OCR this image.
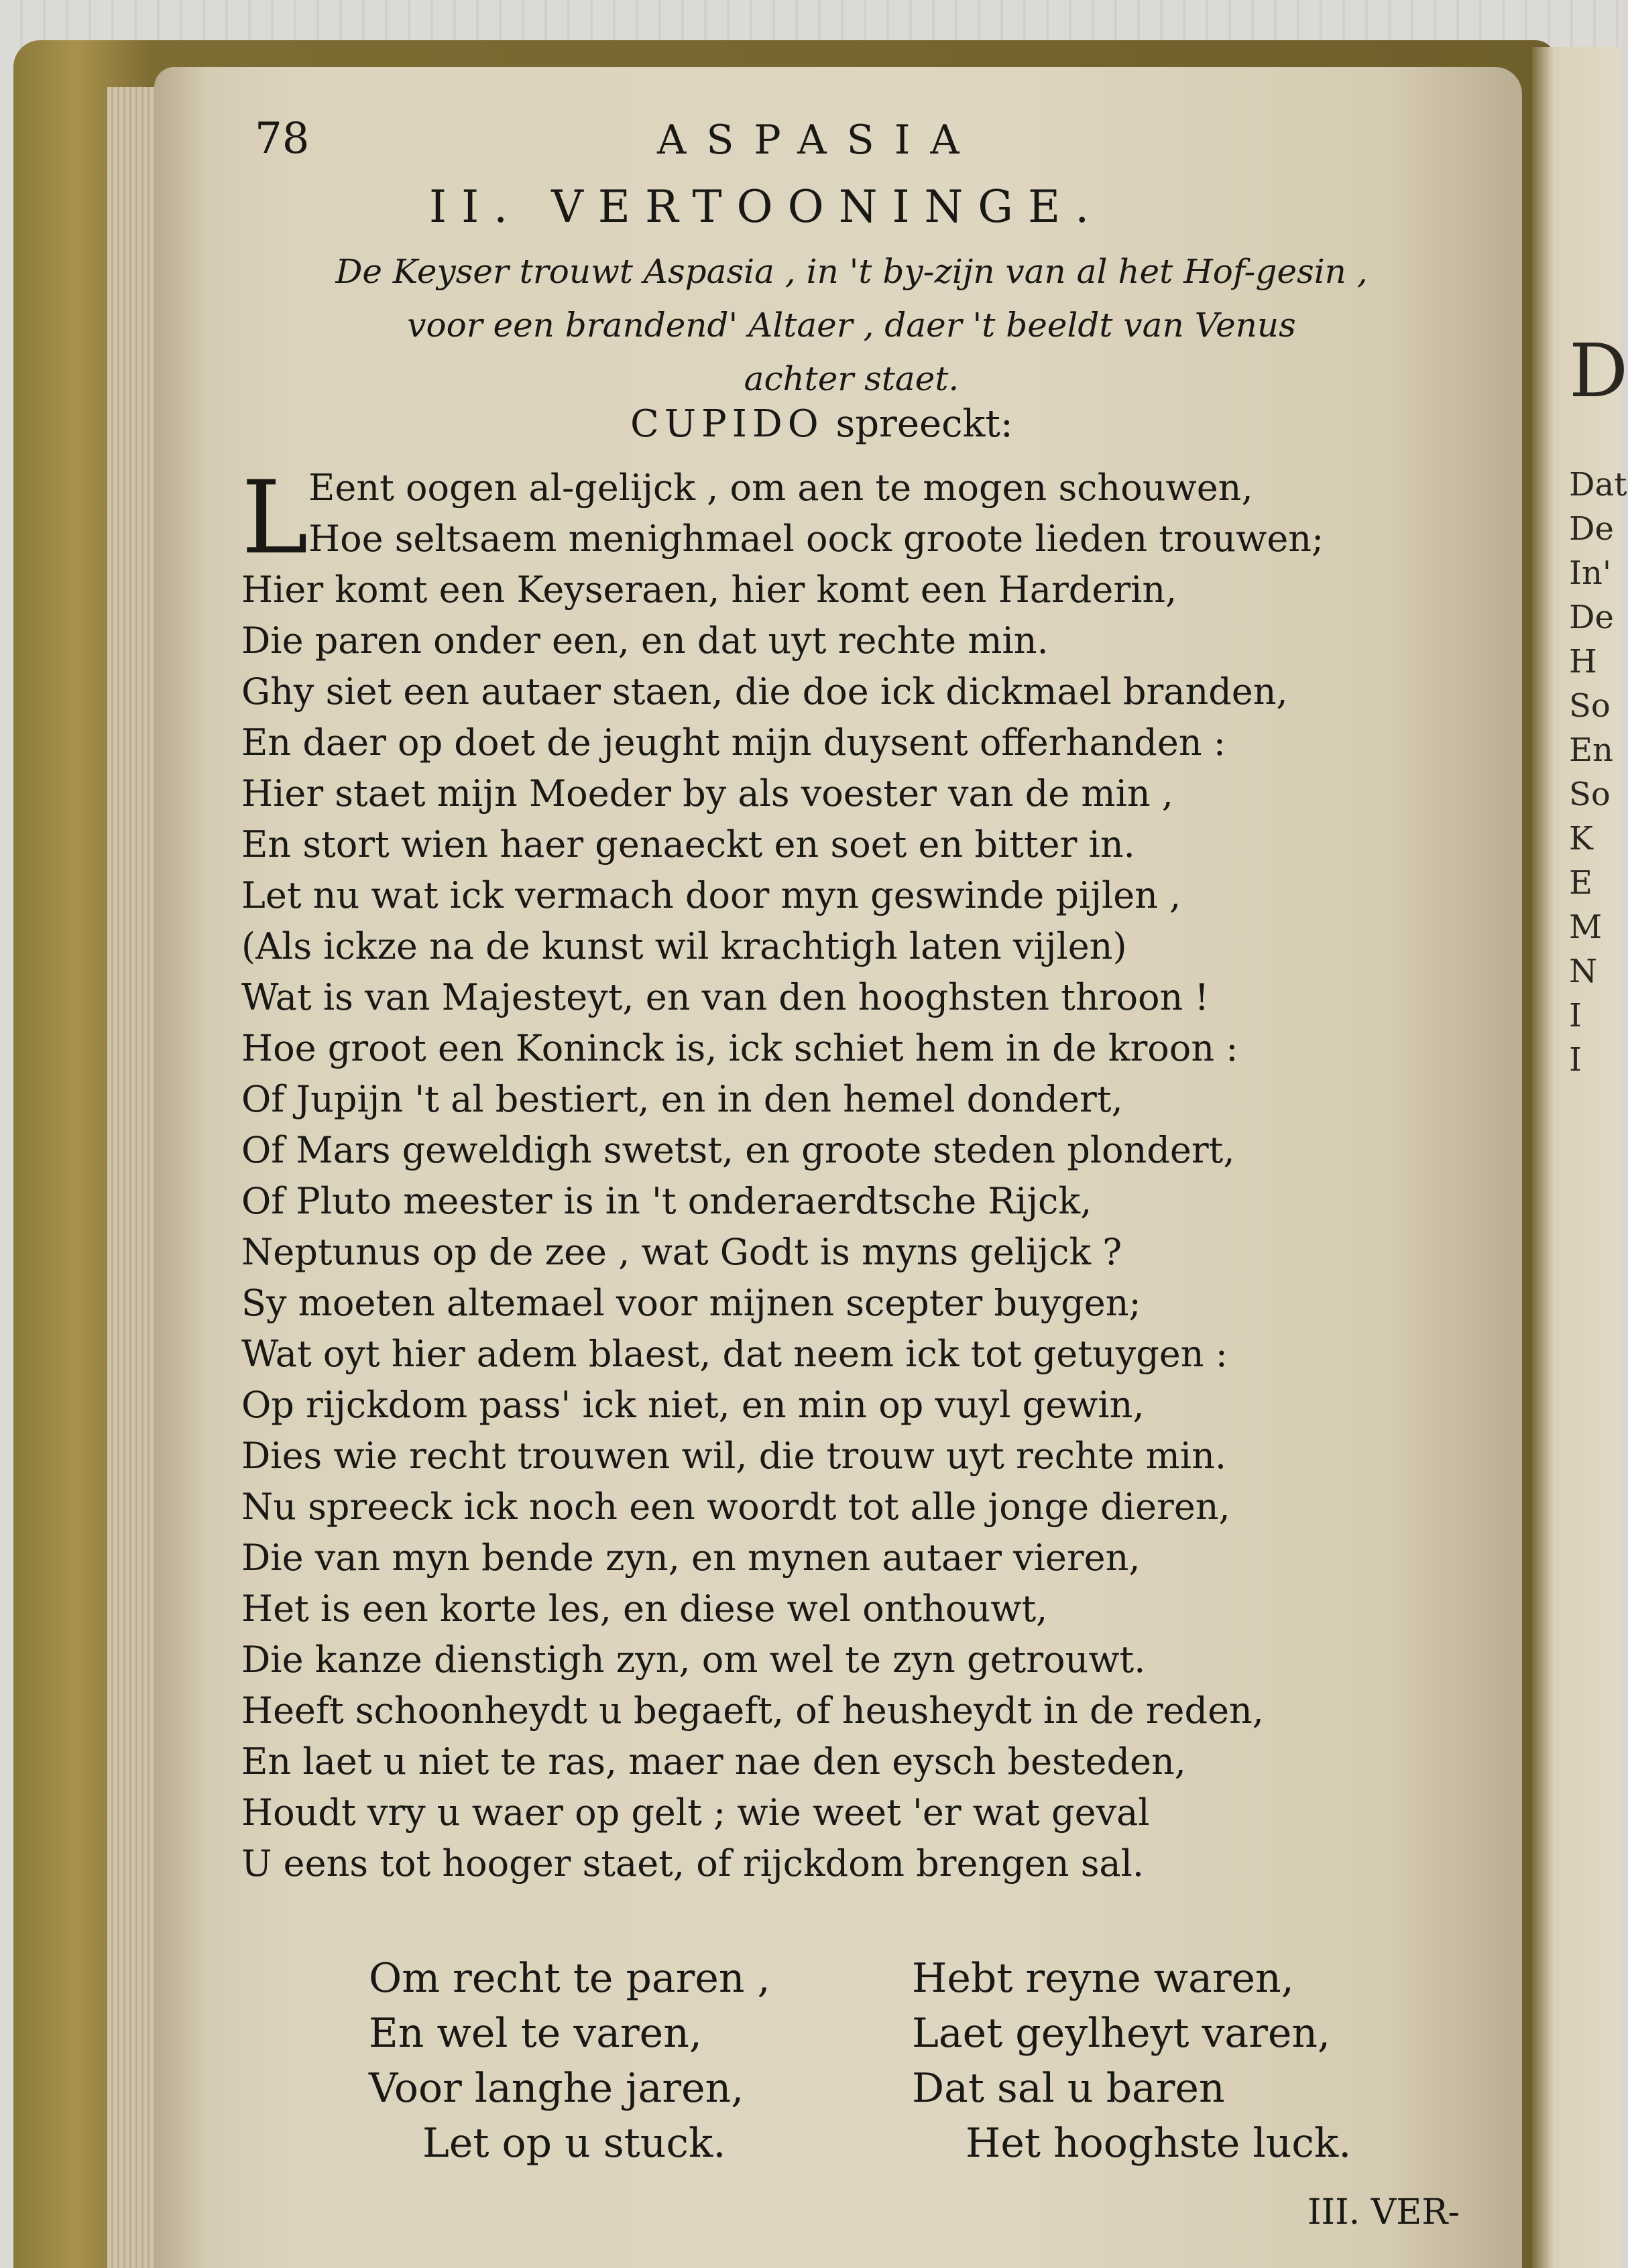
78	ASPASIA
II. VERTOONINGE.
De Keyser trouwt Aspasia , in 't by-zijn van al het Hof-gesin ,
voor een brandend' Altaer , daer 't beeldt van Venus
achter staet.
CUPIDO spreeckt:
L Eent oogen al-gelijck , om aen te mogen schouwen,
Hoe seltsaem menighmael oock groote lieden trouwen;
Hier komt een Keyseraen, hier komt een Harderin,
Die paren onder een, en dat uyt rechte min.
Ghy siet een autaer staen, die doe ick dickmael branden,
En daer op doet de jeught mijn duysent offerhanden :
Hier staet mijn Moeder by als voester van de min ,
En stort wien haer genaeckt en soet en bitter in.
Let nu wat ick vermach door myn geswinde pijlen ,
(Als ickze na de kunst wil krachtigh laten vijlen)
Wat is van Majesteyt, en van den hooghsten throon !
Hoe groot een Koninck is, ick schiet hem in de kroon :
Of Jupijn 't al bestiert, en in den hemel dondert,
Of Mars geweldigh swetst, en groote steden plondert,
Of Pluto meester is in 't onderaerdtsche Rijck,
Neptunus op de zee , wat Godt is myns gelijck ?
Sy moeten altemael voor mijnen scepter buygen;
Wat oyt hier adem blaest, dat neem ick tot getuygen :
Op rijckdom pass' ick niet, en min op vuyl gewin,
Dies wie recht trouwen wil, die trouw uyt rechte min.
Nu spreeck ick noch een woordt tot alle jonge dieren,
Die van myn bende zyn, en mynen autaer vieren,
Het is een korte les, en diese wel onthouwt,
Die kanze dienstigh zyn, om wel te zyn getrouwt.
Heeft schoonheydt u begaeft, of heusheydt in de reden,
En laet u niet te ras, maer nae den eysch besteden,
Houdt vry u waer op gelt ; wie weet 'er wat geval
U eens tot hooger staet, of rijckdom brengen sal.
Om recht te paren ,
En wel te varen,
Voor langhe jaren,
Let op u stuck.
Hebt reyne waren,
Laet geylheyt varen,
Dat sal u baren
Het hooghste luck.
III. VER-
D
Dat
De
In'
De
H
So
En
So
K
E
M
N
I
I
